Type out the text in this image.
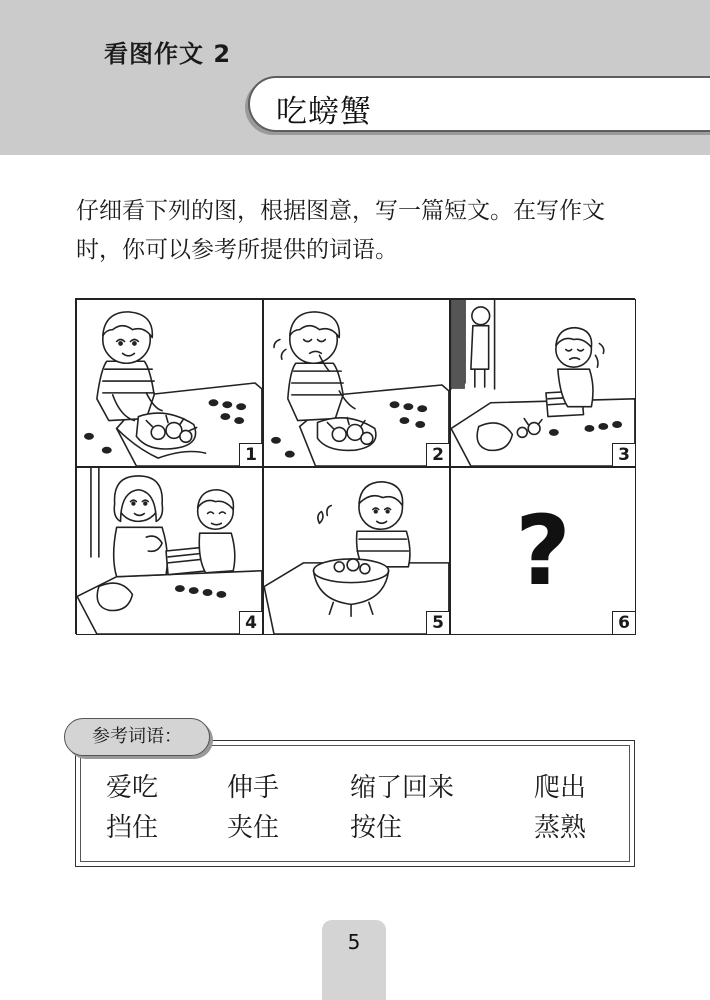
看图作文 2
吃螃蟹

仔细看下列的图，根据图意，写一篇短文。在写作文时，你可以参考所提供的词语。

1	2	3
4	5
?
6
参考词语：
爱吃	伸手	缩了回来	爬出
挡住	夹住	按住	蒸熟
5
